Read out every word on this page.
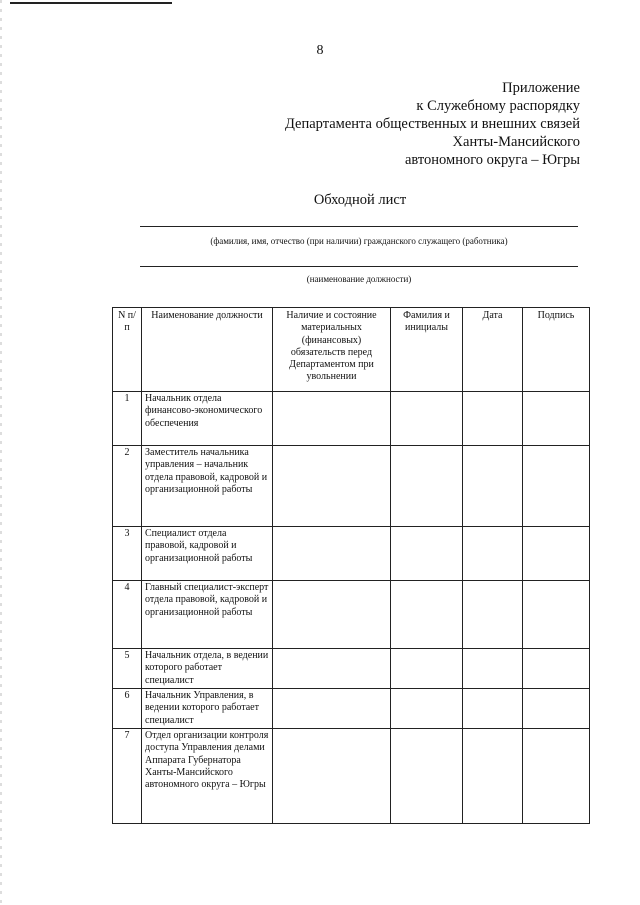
8
Приложение
к Служебному распорядку
Департамента общественных и внешних связей
Ханты-Мансийского
автономного округа – Югры
Обходной лист
(фамилия, имя, отчество (при наличии) гражданского служащего (работника)
(наименование должности)
N п/п	Наименование должности	Наличие и состояние материальных (финансовых) обязательств перед Департаментом при увольнении	Фамилия и инициалы	Дата	Подпись
1	Начальник отдела финансово-экономического обеспечения				
2	Заместитель начальника управления – начальник отдела правовой, кадровой и организационной работы				
3	Специалист отдела правовой, кадровой и организационной работы				
4	Главный специалист-эксперт отдела правовой, кадровой и организационной работы				
5	Начальник отдела, в ведении которого работает специалист				
6	Начальник Управления, в ведении которого работает специалист				
7	Отдел организации контроля доступа Управления делами Аппарата Губернатора Ханты-Мансийского автономного округа – Югры				
